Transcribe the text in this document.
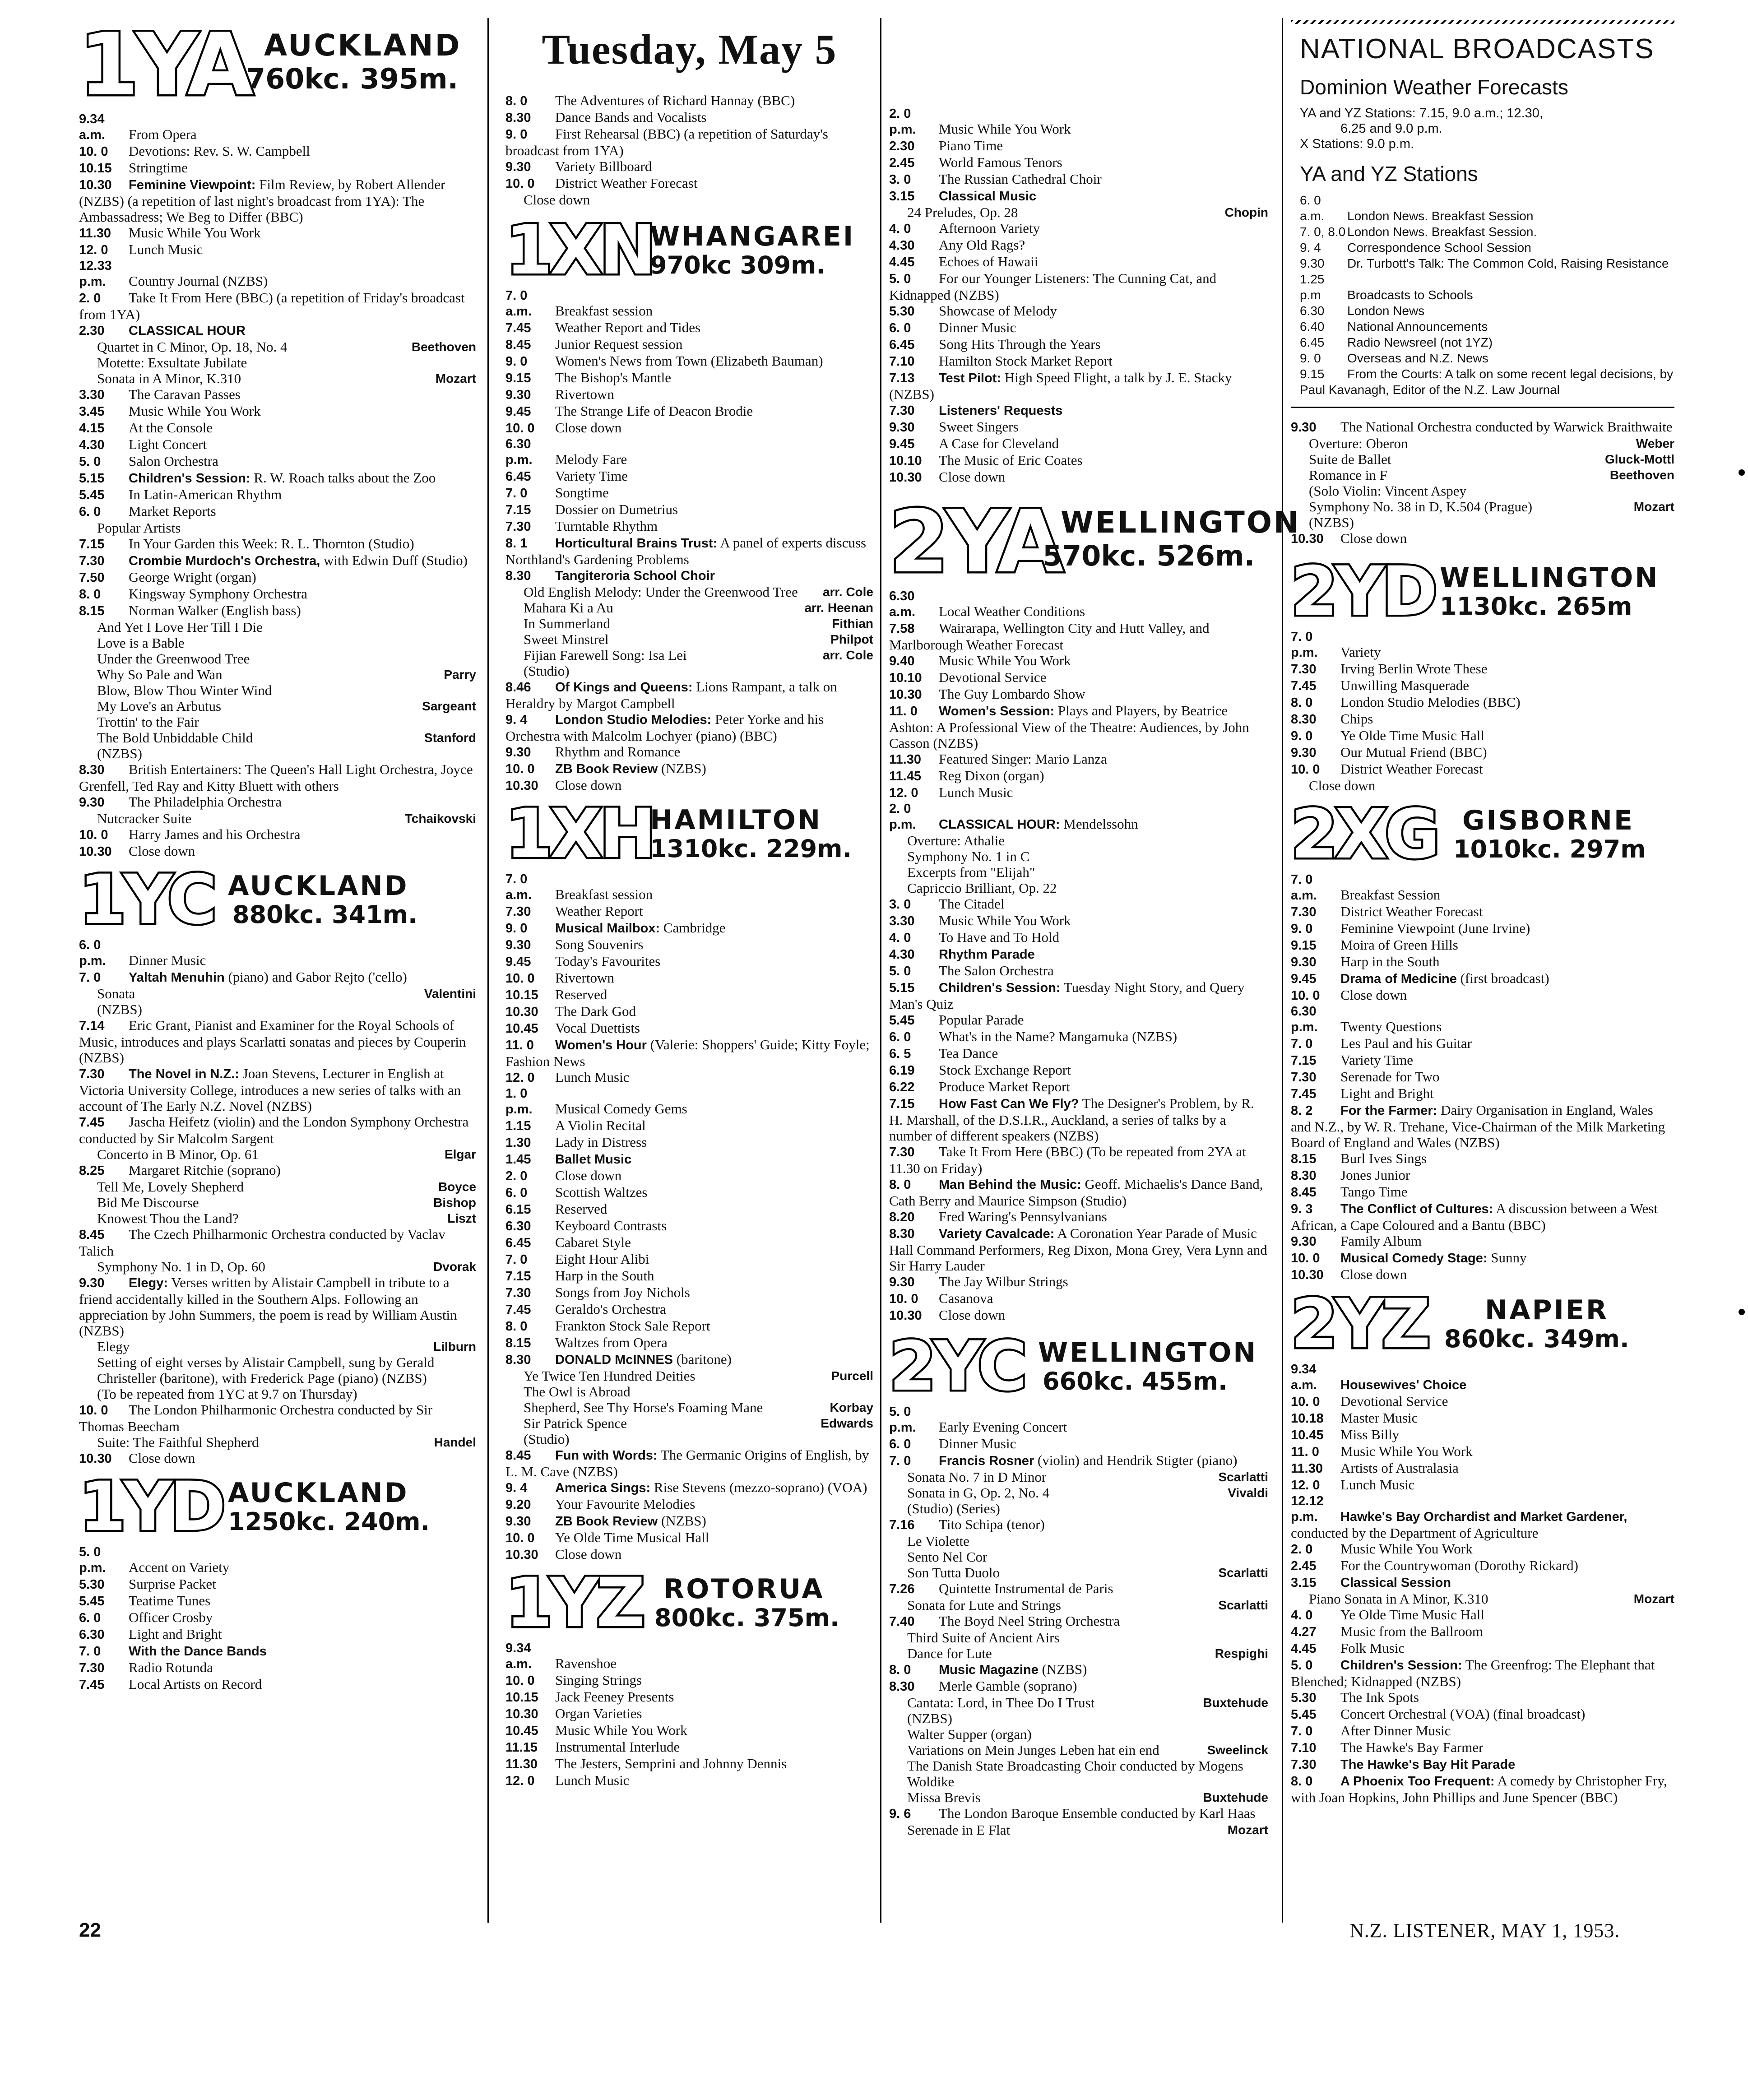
1YA AUCKLAND
760kc. 395m.
9.34 a.m. From Opera
10. 0 Devotions: Rev. S. W. Campbell
10.15 Stringtime
10.30 Feminine Viewpoint: Film Review, by Robert Allender (NZBS) (a repetition of last night's broadcast from 1YA): The Ambassadress; We Beg to Differ (BBC)
11.30 Music While You Work
12. 0 Lunch Music
12.33 p.m. Country Journal (NZBS)
2. 0 Take It From Here (BBC) (a repetition of Friday's broadcast from 1YA)
2.30 CLASSICAL HOUR
Beethoven
Quartet in C Minor, Op. 18, No. 4
Motette: Exsultate Jubilate
Mozart
Sonata in A Minor, K.310
3.30 The Caravan Passes
3.45 Music While You Work
4.15 At the Console
4.30 Light Concert
5. 0 Salon Orchestra
5.15 Children's Session: R. W. Roach talks about the Zoo
5.45 In Latin-American Rhythm
6. 0 Market Reports
Popular Artists
7.15 In Your Garden this Week: R. L. Thornton (Studio)
7.30 Crombie Murdoch's Orchestra, with Edwin Duff (Studio)
7.50 George Wright (organ)
8. 0 Kingsway Symphony Orchestra
8.15 Norman Walker (English bass)
And Yet I Love Her Till I Die
Love is a Bable
Under the Greenwood Tree
Parry
Why So Pale and Wan
Blow, Blow Thou Winter Wind
Sargeant
My Love's an Arbutus
Trottin' to the Fair
Stanford
The Bold Unbiddable Child
(NZBS)
8.30 British Entertainers: The Queen's Hall Light Orchestra, Joyce Grenfell, Ted Ray and Kitty Bluett with others
9.30 The Philadelphia Orchestra
Tchaikovski
Nutcracker Suite
10. 0 Harry James and his Orchestra
10.30 Close down
1YC AUCKLAND
880kc. 341m.
6. 0 p.m. Dinner Music
7. 0 Yaltah Menuhin (piano) and Gabor Rejto ('cello)
Valentini
Sonata
(NZBS)
7.14 Eric Grant, Pianist and Examiner for the Royal Schools of Music, introduces and plays Scarlatti sonatas and pieces by Couperin (NZBS)
7.30 The Novel in N.Z.: Joan Stevens, Lecturer in English at Victoria University College, introduces a new series of talks with an account of The Early N.Z. Novel (NZBS)
7.45 Jascha Heifetz (violin) and the London Symphony Orchestra conducted by Sir Malcolm Sargent
Elgar
Concerto in B Minor, Op. 61
8.25 Margaret Ritchie (soprano)
Boyce
Tell Me, Lovely Shepherd
Bishop
Bid Me Discourse
Liszt
Knowest Thou the Land?
8.45 The Czech Philharmonic Orchestra conducted by Vaclav Talich
Dvorak
Symphony No. 1 in D, Op. 60
9.30 Elegy: Verses written by Alistair Campbell in tribute to a friend accidentally killed in the Southern Alps. Following an appreciation by John Summers, the poem is read by William Austin (NZBS)
Lilburn
Elegy
Setting of eight verses by Alistair Campbell, sung by Gerald Christeller (baritone), with Frederick Page (piano) (NZBS)
(To be repeated from 1YC at 9.7 on Thursday)
10. 0 The London Philharmonic Orchestra conducted by Sir Thomas Beecham
Handel
Suite: The Faithful Shepherd
10.30 Close down
1YD AUCKLAND
1250kc. 240m.
5. 0 p.m. Accent on Variety
5.30 Surprise Packet
5.45 Teatime Tunes
6. 0 Officer Crosby
6.30 Light and Bright
7. 0 With the Dance Bands
7.30 Radio Rotunda
7.45 Local Artists on Record
Tuesday, May 5
8. 0 The Adventures of Richard Hannay (BBC)
8.30 Dance Bands and Vocalists
9. 0 First Rehearsal (BBC) (a repetition of Saturday's broadcast from 1YA)
9.30 Variety Billboard
10. 0 District Weather Forecast
Close down
1XN
WHANGAREI
970kc 309m.
7. 0 a.m. Breakfast session
7.45 Weather Report and Tides
8.45 Junior Request session
9. 0 Women's News from Town (Elizabeth Bauman)
9.15 The Bishop's Mantle
9.30 Rivertown
9.45 The Strange Life of Deacon Brodie
10. 0 Close down
6.30 p.m. Melody Fare
6.45 Variety Time
7. 0 Songtime
7.15 Dossier on Dumetrius
7.30 Turntable Rhythm
8. 1 Horticultural Brains Trust: A panel of experts discuss Northland's Gardening Problems
8.30 Tangiteroria School Choir
arr. Cole
Old English Melody: Under the Greenwood Tree
arr. Heenan
Mahara Ki a Au
Fithian
In Summerland
Philpot
Sweet Minstrel
arr. Cole
Fijian Farewell Song: Isa Lei
(Studio)
8.46 Of Kings and Queens: Lions Rampant, a talk on Heraldry by Margot Campbell
9. 4 London Studio Melodies: Peter Yorke and his Orchestra with Malcolm Lochyer (piano) (BBC)
9.30 Rhythm and Romance
10. 0 ZB Book Review (NZBS)
10.30 Close down
1XH
HAMILTON
1310kc. 229m.
7. 0 a.m. Breakfast session
7.30 Weather Report
9. 0 Musical Mailbox: Cambridge
9.30 Song Souvenirs
9.45 Today's Favourites
10. 0 Rivertown
10.15 Reserved
10.30 The Dark God
10.45 Vocal Duettists
11. 0 Women's Hour (Valerie: Shoppers' Guide; Kitty Foyle; Fashion News
12. 0 Lunch Music
1. 0 p.m. Musical Comedy Gems
1.15 A Violin Recital
1.30 Lady in Distress
1.45 Ballet Music
2. 0 Close down
6. 0 Scottish Waltzes
6.15 Reserved
6.30 Keyboard Contrasts
6.45 Cabaret Style
7. 0 Eight Hour Alibi
7.15 Harp in the South
7.30 Songs from Joy Nichols
7.45 Geraldo's Orchestra
8. 0 Frankton Stock Sale Report
8.15 Waltzes from Opera
8.30 DONALD McINNES (baritone)
Purcell
Ye Twice Ten Hundred Deities
The Owl is Abroad
Korbay
Shepherd, See Thy Horse's Foaming Mane
Edwards
Sir Patrick Spence
(Studio)
8.45 Fun with Words: The Germanic Origins of English, by L. M. Cave (NZBS)
9. 4 America Sings: Rise Stevens (mezzo-soprano) (VOA)
9.20 Your Favourite Melodies
9.30 ZB Book Review (NZBS)
10. 0 Ye Olde Time Musical Hall
10.30 Close down
1YZ ROTORUA
800kc. 375m.
9.34 a.m. Ravenshoe
10. 0 Singing Strings
10.15 Jack Feeney Presents
10.30 Organ Varieties
10.45 Music While You Work
11.15 Instrumental Interlude
11.30 The Jesters, Semprini and Johnny Dennis
12. 0 Lunch Music
2. 0 p.m. Music While You Work
2.30 Piano Time
2.45 World Famous Tenors
3. 0 The Russian Cathedral Choir
3.15 Classical Music
Chopin
24 Preludes, Op. 28
4. 0 Afternoon Variety
4.30 Any Old Rags?
4.45 Echoes of Hawaii
5. 0 For our Younger Listeners: The Cunning Cat, and Kidnapped (NZBS)
5.30 Showcase of Melody
6. 0 Dinner Music
6.45 Song Hits Through the Years
7.10 Hamilton Stock Market Report
7.13 Test Pilot: High Speed Flight, a talk by J. E. Stacky (NZBS)
7.30 Listeners' Requests
9.30 Sweet Singers
9.45 A Case for Cleveland
10.10 The Music of Eric Coates
10.30 Close down
2YA WELLINGTON
570kc. 526m.
6.30 a.m. Local Weather Conditions
7.58 Wairarapa, Wellington City and Hutt Valley, and Marlborough Weather Forecast
9.40 Music While You Work
10.10 Devotional Service
10.30 The Guy Lombardo Show
11. 0 Women's Session: Plays and Players, by Beatrice Ashton: A Professional View of the Theatre: Audiences, by John Casson (NZBS)
11.30 Featured Singer: Mario Lanza
11.45 Reg Dixon (organ)
12. 0 Lunch Music
2. 0 p.m. CLASSICAL HOUR: Mendelssohn
Overture: Athalie
Symphony No. 1 in C
Excerpts from "Elijah"
Capriccio Brilliant, Op. 22
3. 0 The Citadel
3.30 Music While You Work
4. 0 To Have and To Hold
4.30 Rhythm Parade
5. 0 The Salon Orchestra
5.15 Children's Session: Tuesday Night Story, and Query Man's Quiz
5.45 Popular Parade
6. 0 What's in the Name? Mangamuka (NZBS)
6. 5 Tea Dance
6.19 Stock Exchange Report
6.22 Produce Market Report
7.15 How Fast Can We Fly? The Designer's Problem, by R. H. Marshall, of the D.S.I.R., Auckland, a series of talks by a number of different speakers (NZBS)
7.30 Take It From Here (BBC) (To be repeated from 2YA at 11.30 on Friday)
8. 0 Man Behind the Music: Geoff. Michaelis's Dance Band, Cath Berry and Maurice Simpson (Studio)
8.20 Fred Waring's Pennsylvanians
8.30 Variety Cavalcade: A Coronation Year Parade of Music Hall Command Performers, Reg Dixon, Mona Grey, Vera Lynn and Sir Harry Lauder
9.30 The Jay Wilbur Strings
10. 0 Casanova
10.30 Close down
2YC WELLINGTON
660kc. 455m.
5. 0 p.m. Early Evening Concert
6. 0 Dinner Music
7. 0 Francis Rosner (violin) and Hendrik Stigter (piano)
Scarlatti
Sonata No. 7 in D Minor
Vivaldi
Sonata in G, Op. 2, No. 4
(Studio) (Series)
7.16 Tito Schipa (tenor)
Le Violette
Sento Nel Cor
Scarlatti
Son Tutta Duolo
7.26 Quintette Instrumental de Paris
Scarlatti
Sonata for Lute and Strings
7.40 The Boyd Neel String Orchestra
Third Suite of Ancient Airs
Respighi
Dance for Lute
8. 0 Music Magazine (NZBS)
8.30 Merle Gamble (soprano)
Buxtehude
Cantata: Lord, in Thee Do I Trust
(NZBS)
Walter Supper (organ)
Sweelinck
Variations on Mein Junges Leben hat ein end
The Danish State Broadcasting Choir conducted by Mogens Woldike
Buxtehude
Missa Brevis
9. 6 The London Baroque Ensemble conducted by Karl Haas
Mozart
Serenade in E Flat
NATIONAL BROADCASTS
Dominion Weather Forecasts
YA and YZ Stations: 7.15, 9.0 a.m.; 12.30,
6.25 and 9.0 p.m.
X Stations: 9.0 p.m.
YA and YZ Stations
6. 0 a.m. London News. Breakfast Session
7. 0, 8.0 London News. Breakfast Session.
9. 4 Correspondence School Session
9.30 Dr. Turbott's Talk: The Common Cold, Raising Resistance
1.25 p.m Broadcasts to Schools
6.30 London News
6.40 National Announcements
6.45 Radio Newsreel (not 1YZ)
9. 0 Overseas and N.Z. News
9.15 From the Courts: A talk on some recent legal decisions, by Paul Kavanagh, Editor of the N.Z. Law Journal
9.30 The National Orchestra conducted by Warwick Braithwaite
Weber
Overture: Oberon
Gluck-Mottl
Suite de Ballet
Beethoven
Romance in F
(Solo Violin: Vincent Aspey
Mozart
Symphony No. 38 in D, K.504 (Prague)
(NZBS)
10.30 Close down
2YD WELLINGTON
1130kc. 265m
7. 0 p.m. Variety
7.30 Irving Berlin Wrote These
7.45 Unwilling Masquerade
8. 0 London Studio Melodies (BBC)
8.30 Chips
9. 0 Ye Olde Time Music Hall
9.30 Our Mutual Friend (BBC)
10. 0 District Weather Forecast
Close down
2XG GISBORNE
1010kc. 297m
7. 0 a.m. Breakfast Session
7.30 District Weather Forecast
9. 0 Feminine Viewpoint (June Irvine)
9.15 Moira of Green Hills
9.30 Harp in the South
9.45 Drama of Medicine (first broadcast)
10. 0 Close down
6.30 p.m. Twenty Questions
7. 0 Les Paul and his Guitar
7.15 Variety Time
7.30 Serenade for Two
7.45 Light and Bright
8. 2 For the Farmer: Dairy Organisation in England, Wales and N.Z., by W. R. Trehane, Vice-Chairman of the Milk Marketing Board of England and Wales (NZBS)
8.15 Burl Ives Sings
8.30 Jones Junior
8.45 Tango Time
9. 3 The Conflict of Cultures: A discussion between a West African, a Cape Coloured and a Bantu (BBC)
9.30 Family Album
10. 0 Musical Comedy Stage: Sunny
10.30 Close down
2YZ NAPIER
860kc. 349m.
9.34 a.m. Housewives' Choice
10. 0 Devotional Service
10.18 Master Music
10.45 Miss Billy
11. 0 Music While You Work
11.30 Artists of Australasia
12. 0 Lunch Music
12.12 p.m. Hawke's Bay Orchardist and Market Gardener, conducted by the Department of Agriculture
2. 0 Music While You Work
2.45 For the Countrywoman (Dorothy Rickard)
3.15 Classical Session
Mozart
Piano Sonata in A Minor, K.310
4. 0 Ye Olde Time Music Hall
4.27 Music from the Ballroom
4.45 Folk Music
5. 0 Children's Session: The Greenfrog: The Elephant that Blenched; Kidnapped (NZBS)
5.30 The Ink Spots
5.45 Concert Orchestral (VOA) (final broadcast)
7. 0 After Dinner Music
7.10 The Hawke's Bay Farmer
7.30 The Hawke's Bay Hit Parade
8. 0 A Phoenix Too Frequent: A comedy by Christopher Fry, with Joan Hopkins, John Phillips and June Spencer (BBC)
22	N.Z. LISTENER, MAY 1, 1953.
